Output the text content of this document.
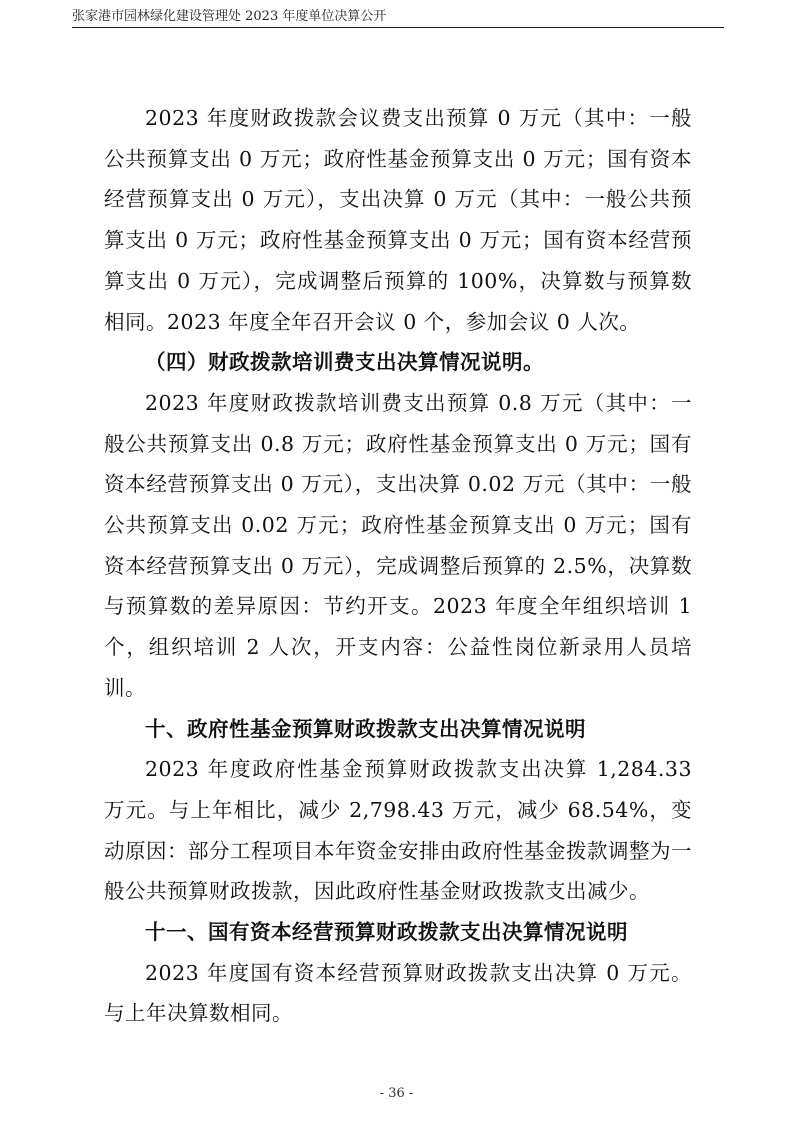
张家港市园林绿化建设管理处 2023 年度单位决算公开

2023 年度财政拨款会议费支出预算 0 万元（其中：一般公共预算支出 0 万元；政府性基金预算支出 0 万元；国有资本经营预算支出 0 万元），支出决算 0 万元（其中：一般公共预算支出 0 万元；政府性基金预算支出 0 万元；国有资本经营预算支出 0 万元），完成调整后预算的 100%，决算数与预算数相同。2023 年度全年召开会议 0 个，参加会议 0 人次。

（四）财政拨款培训费支出决算情况说明。

2023 年度财政拨款培训费支出预算 0.8 万元（其中：一般公共预算支出 0.8 万元；政府性基金预算支出 0 万元；国有资本经营预算支出 0 万元），支出决算 0.02 万元（其中：一般公共预算支出 0.02 万元；政府性基金预算支出 0 万元；国有资本经营预算支出 0 万元），完成调整后预算的 2.5%，决算数与预算数的差异原因：节约开支。2023 年度全年组织培训 1 个，组织培训 2 人次，开支内容：公益性岗位新录用人员培训。

十、政府性基金预算财政拨款支出决算情况说明

2023 年度政府性基金预算财政拨款支出决算 1,284.33 万元。与上年相比，减少 2,798.43 万元，减少 68.54%，变动原因：部分工程项目本年资金安排由政府性基金拨款调整为一般公共预算财政拨款，因此政府性基金财政拨款支出减少。

十一、国有资本经营预算财政拨款支出决算情况说明

2023 年度国有资本经营预算财政拨款支出决算 0 万元。与上年决算数相同。

- 36 -
